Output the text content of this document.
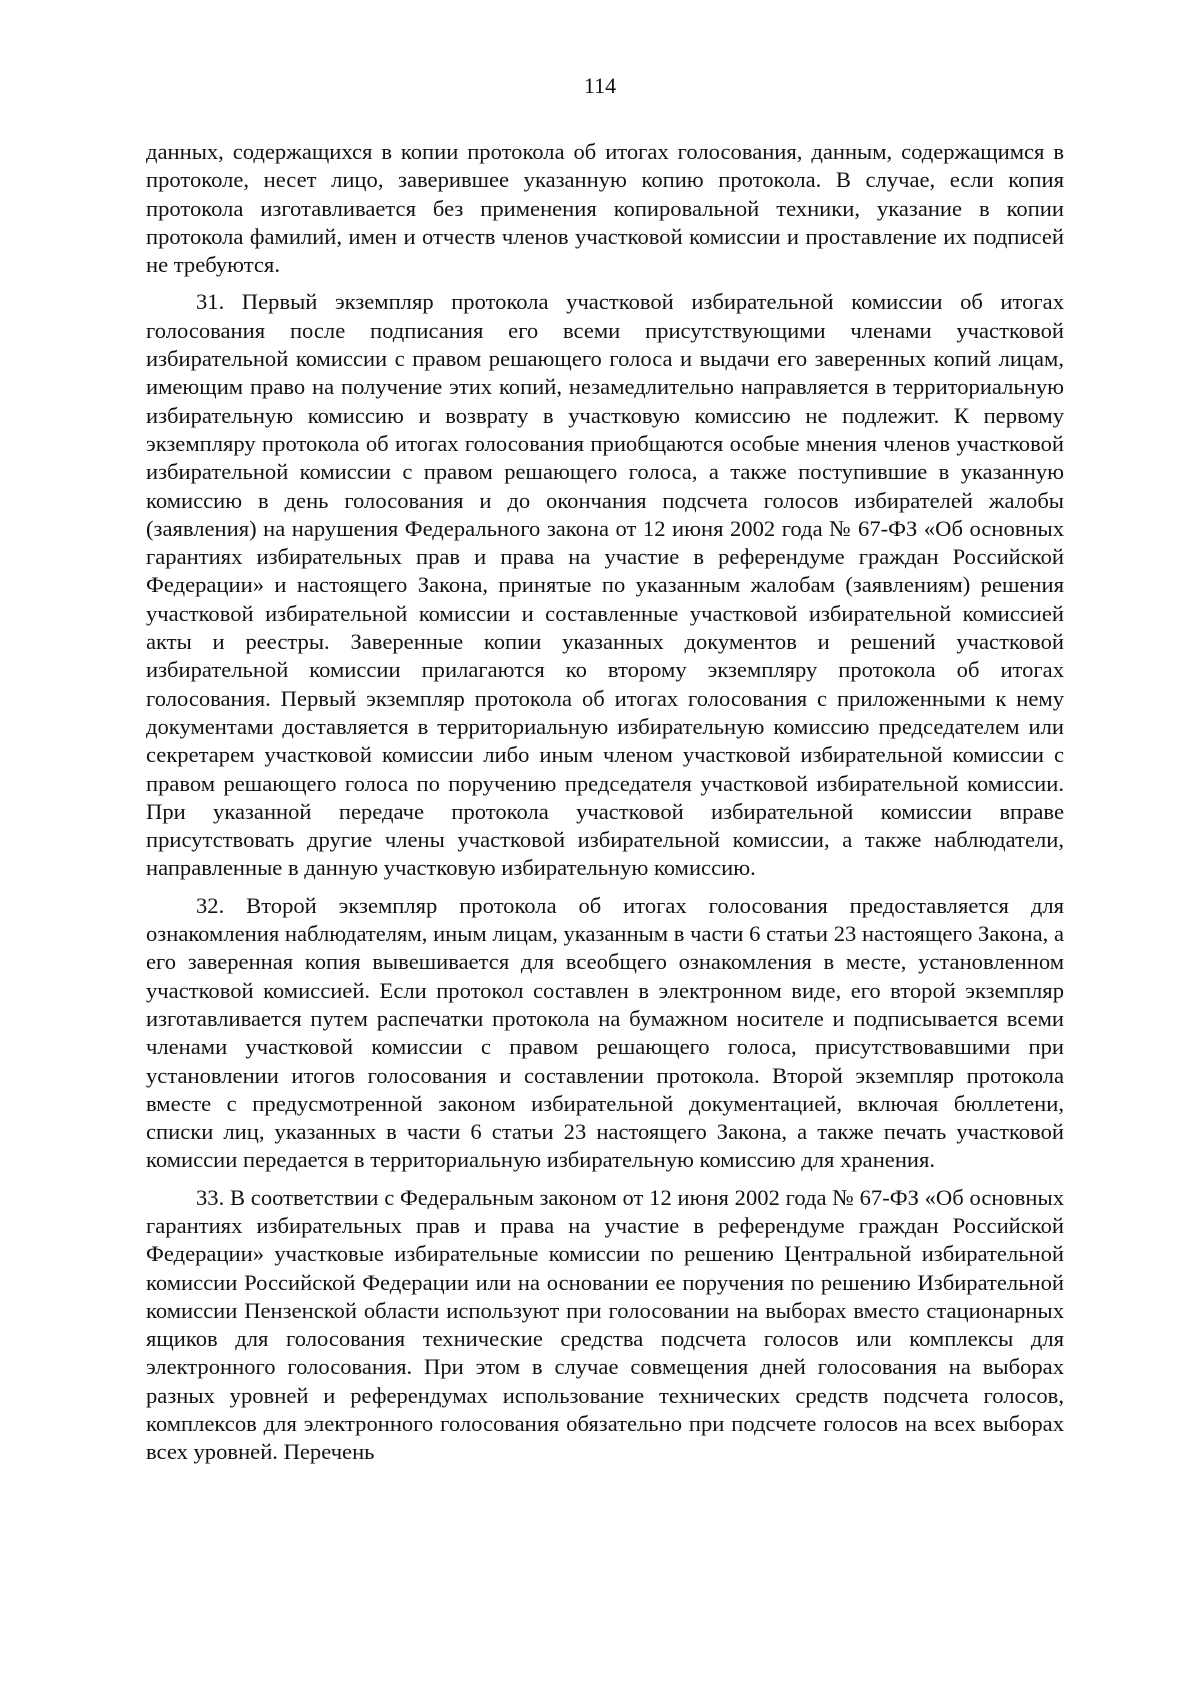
114

данных, содержащихся в копии протокола об итогах голосования, данным, содержащимся в протоколе, несет лицо, заверившее указанную копию протокола. В случае, если копия протокола изготавливается без применения копировальной техники, указание в копии протокола фамилий, имен и отчеств членов участковой комиссии и проставление их подписей не требуются.

31. Первый экземпляр протокола участковой избирательной комиссии об итогах голосования после подписания его всеми присутствующими членами участковой избирательной комиссии с правом решающего голоса и выдачи его заверенных копий лицам, имеющим право на получение этих копий, незамедлительно направляется в территориальную избирательную комиссию и возврату в участковую комиссию не подлежит. К первому экземпляру протокола об итогах голосования приобщаются особые мнения членов участковой избирательной комиссии с правом решающего голоса, а также поступившие в указанную комиссию в день голосования и до окончания подсчета голосов избирателей жалобы (заявления) на нарушения Федерального закона от 12 июня 2002 года № 67-ФЗ «Об основных гарантиях избирательных прав и права на участие в референдуме граждан Российской Федерации» и настоящего Закона, принятые по указанным жалобам (заявлениям) решения участковой избирательной комиссии и составленные участковой избирательной комиссией акты и реестры. Заверенные копии указанных документов и решений участковой избирательной комиссии прилагаются ко второму экземпляру протокола об итогах голосования. Первый экземпляр протокола об итогах голосования с приложенными к нему документами доставляется в территориальную избирательную комиссию председателем или секретарем участковой комиссии либо иным членом участковой избирательной комиссии с правом решающего голоса по поручению председателя участковой избирательной комиссии. При указанной передаче протокола участковой избирательной комиссии вправе присутствовать другие члены участковой избирательной комиссии, а также наблюдатели, направленные в данную участковую избирательную комиссию.

32. Второй экземпляр протокола об итогах голосования предоставляется для ознакомления наблюдателям, иным лицам, указанным в части 6 статьи 23 настоящего Закона, а его заверенная копия вывешивается для всеобщего ознакомления в месте, установленном участковой комиссией. Если протокол составлен в электронном виде, его второй экземпляр изготавливается путем распечатки протокола на бумажном носителе и подписывается всеми членами участковой комиссии с правом решающего голоса, присутствовавшими при установлении итогов голосования и составлении протокола. Второй экземпляр протокола вместе с предусмотренной законом избирательной документацией, включая бюллетени, списки лиц, указанных в части 6 статьи 23 настоящего Закона, а также печать участковой комиссии передается в территориальную избирательную комиссию для хранения.

33. В соответствии с Федеральным законом от 12 июня 2002 года № 67-ФЗ «Об основных гарантиях избирательных прав и права на участие в референдуме граждан Российской Федерации» участковые избирательные комиссии по решению Центральной избирательной комиссии Российской Федерации или на основании ее поручения по решению Избирательной комиссии Пензенской области используют при голосовании на выборах вместо стационарных ящиков для голосования технические средства подсчета голосов или комплексы для электронного голосования. При этом в случае совмещения дней голосования на выборах разных уровней и референдумах использование технических средств подсчета голосов, комплексов для электронного голосования обязательно при подсчете голосов на всех выборах всех уровней. Перечень
